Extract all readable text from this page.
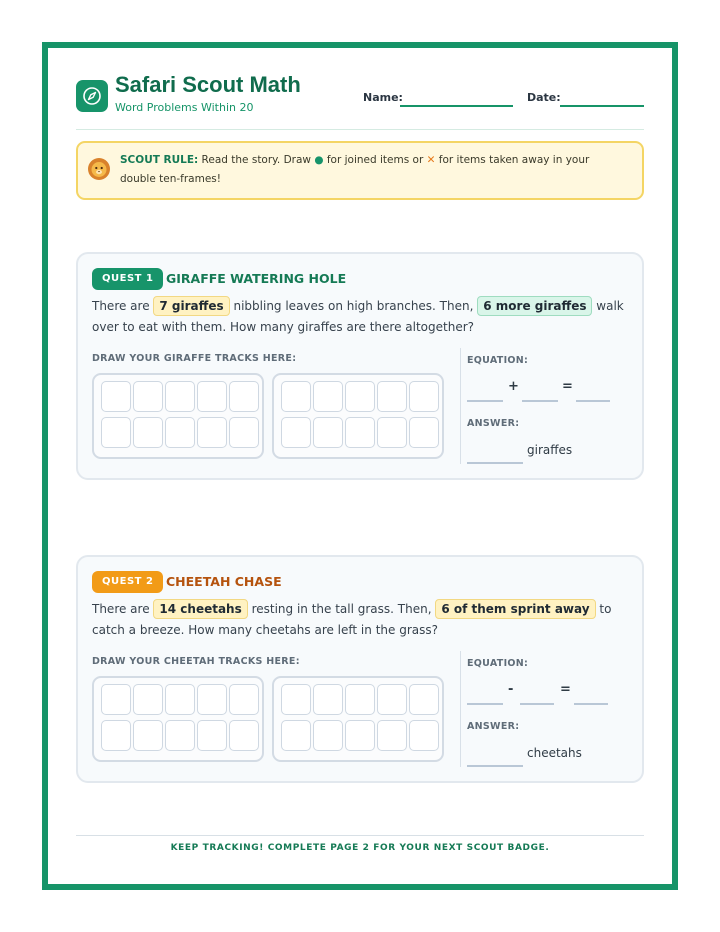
Safari Scout Math
Word Problems Within 20
Name:	Date:
SCOUT RULE: Read the story. Draw ● for joined items or ✕ for items taken away in your double ten-frames!
QUEST 1	GIRAFFE WATERING HOLE
There are 7 giraffes nibbling leaves on high branches. Then, 6 more giraffes walk over to eat with them. How many giraffes are there altogether?
DRAW YOUR GIRAFFE TRACKS HERE:	EQUATION:
+	=
ANSWER:
giraffes
QUEST 2	CHEETAH CHASE
There are 14 cheetahs resting in the tall grass. Then, 6 of them sprint away to catch a breeze. How many cheetahs are left in the grass?
DRAW YOUR CHEETAH TRACKS HERE:	EQUATION:
-	=
ANSWER:
cheetahs
KEEP TRACKING! COMPLETE PAGE 2 FOR YOUR NEXT SCOUT BADGE.
